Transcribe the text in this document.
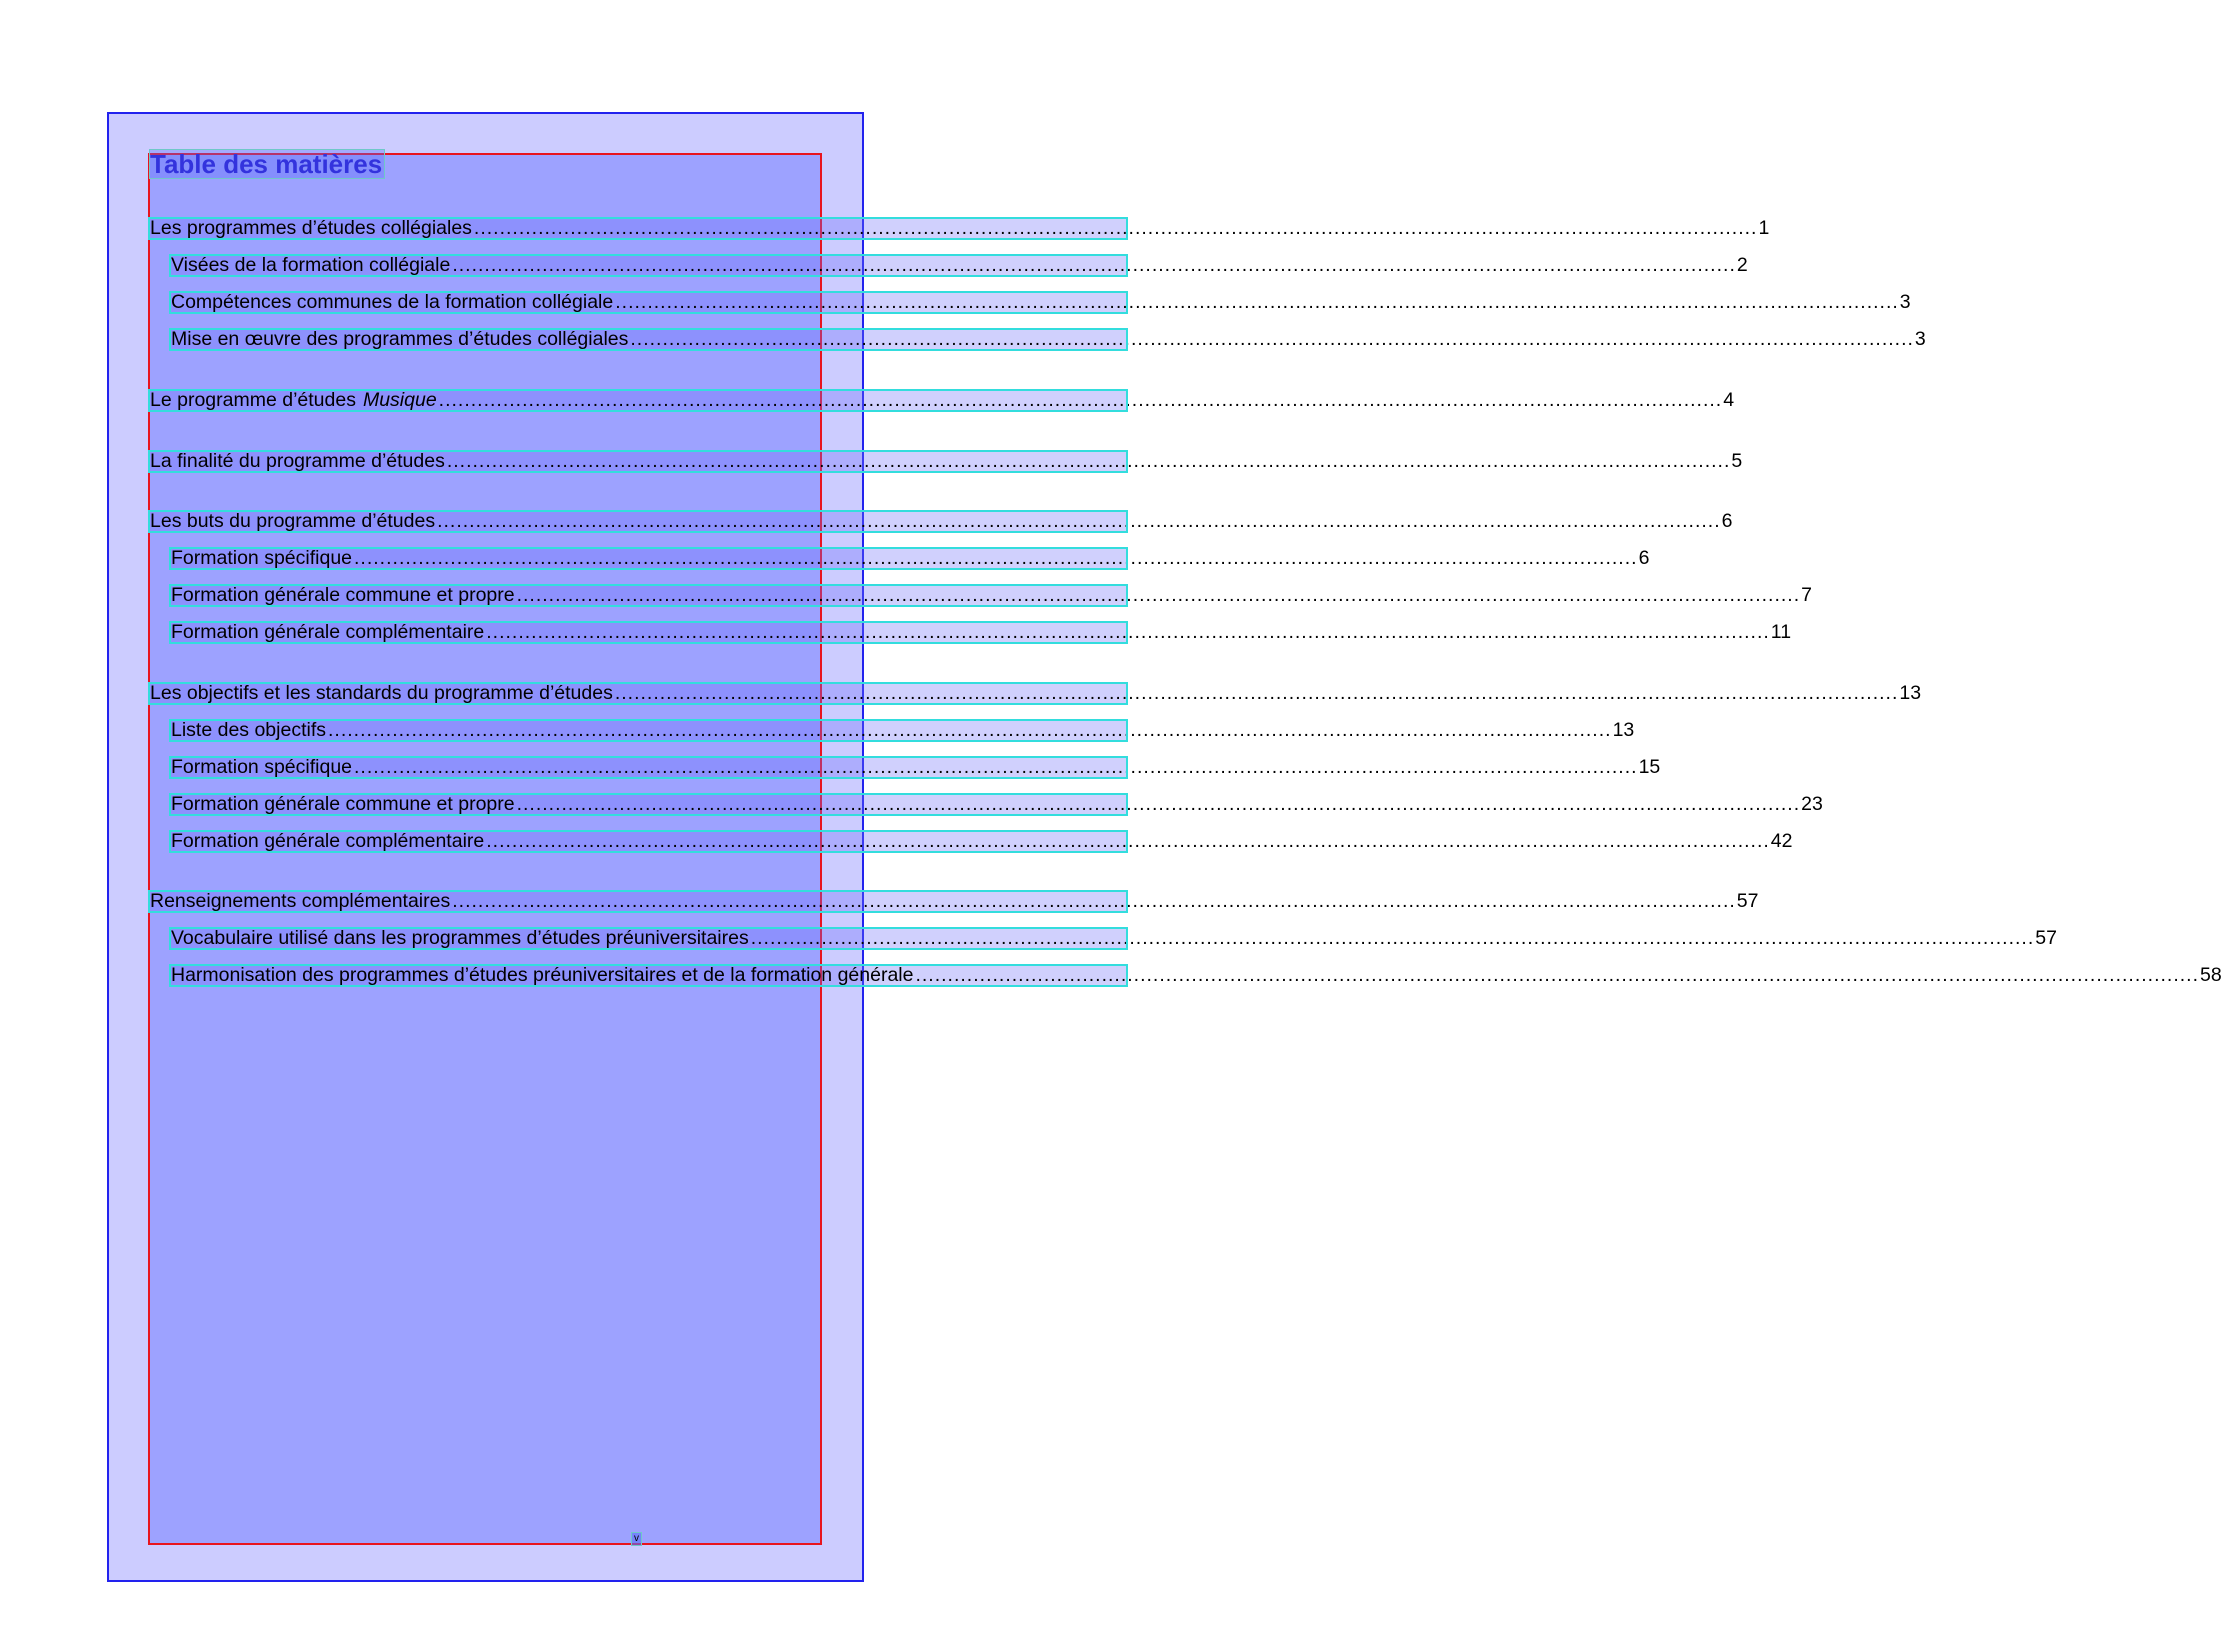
Table des matières
Les programmes d’études collégiales ........................................................................................................................................................................................................ 1
Visées de la formation collégiale ........................................................................................................................................................................................................ 2
Compétences communes de la formation collégiale ........................................................................................................................................................................................................ 3
Mise en œuvre des programmes d’études collégiales ........................................................................................................................................................................................................ 3
Le programme d’études Musique ........................................................................................................................................................................................................ 4
La finalité du programme d’études ........................................................................................................................................................................................................ 5
Les buts du programme d’études ........................................................................................................................................................................................................ 6
Formation spécifique ........................................................................................................................................................................................................ 6
Formation générale commune et propre ........................................................................................................................................................................................................ 7
Formation générale complémentaire ........................................................................................................................................................................................................ 11
Les objectifs et les standards du programme d’études ........................................................................................................................................................................................................ 13
Liste des objectifs ........................................................................................................................................................................................................ 13
Formation spécifique ........................................................................................................................................................................................................ 15
Formation générale commune et propre ........................................................................................................................................................................................................ 23
Formation générale complémentaire ........................................................................................................................................................................................................ 42
Renseignements complémentaires ........................................................................................................................................................................................................ 57
Vocabulaire utilisé dans les programmes d’études préuniversitaires ........................................................................................................................................................................................................ 57
Harmonisation des programmes d’études préuniversitaires et de la formation générale ........................................................................................................................................................................................................ 58
v
